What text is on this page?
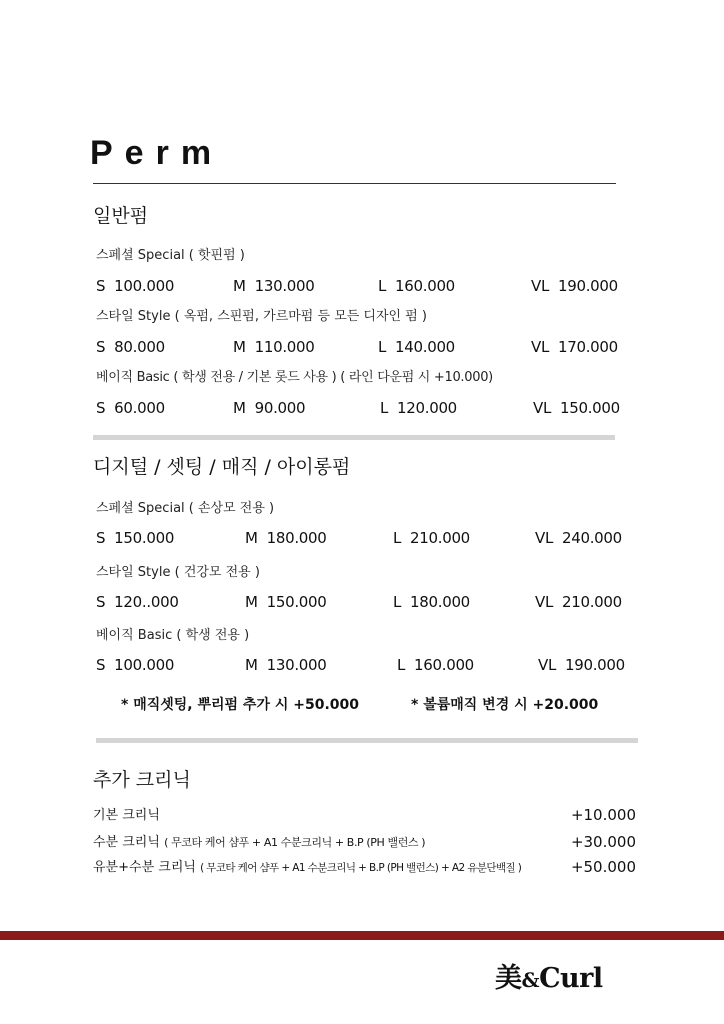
Perm
일반펌
스페셜 Special ( 핫핀펌 )
S 100.000	M 130.000	L 160.000	VL 190.000
스타일 Style ( 옥펌, 스핀펌, 가르마펌 등 모든 디자인 펌 )
S 80.000	M 110.000	L 140.000	VL 170.000
베이직 Basic ( 학생 전용 / 기본 롯드 사용 ) ( 라인 다운펌 시 +10.000)
S 60.000	M 90.000	L 120.000	VL 150.000
디지털 / 셋팅 / 매직 / 아이롱펌
스페셜 Special ( 손상모 전용 )
S 150.000	M 180.000	L 210.000	VL 240.000
스타일 Style ( 건강모 전용 )
S 120..000	M 150.000	L 180.000	VL 210.000
베이직 Basic ( 학생 전용 )
S 100.000	M 130.000	L 160.000	VL 190.000
* 매직셋팅, 뿌리펌 추가 시 +50.000	* 볼륨매직 변경 시 +20.000
추가 크리닉
기본 크리닉	+10.000
수분 크리닉 ( 무코타 케어 샴푸 + A1 수분크리닉 + B.P (PH 밸런스 )	+30.000
유분+수분 크리닉 ( 무코타 케어 샴푸 + A1 수분크리닉 + B.P (PH 밸런스) + A2 유분단백질 )	+50.000
美&Curl
